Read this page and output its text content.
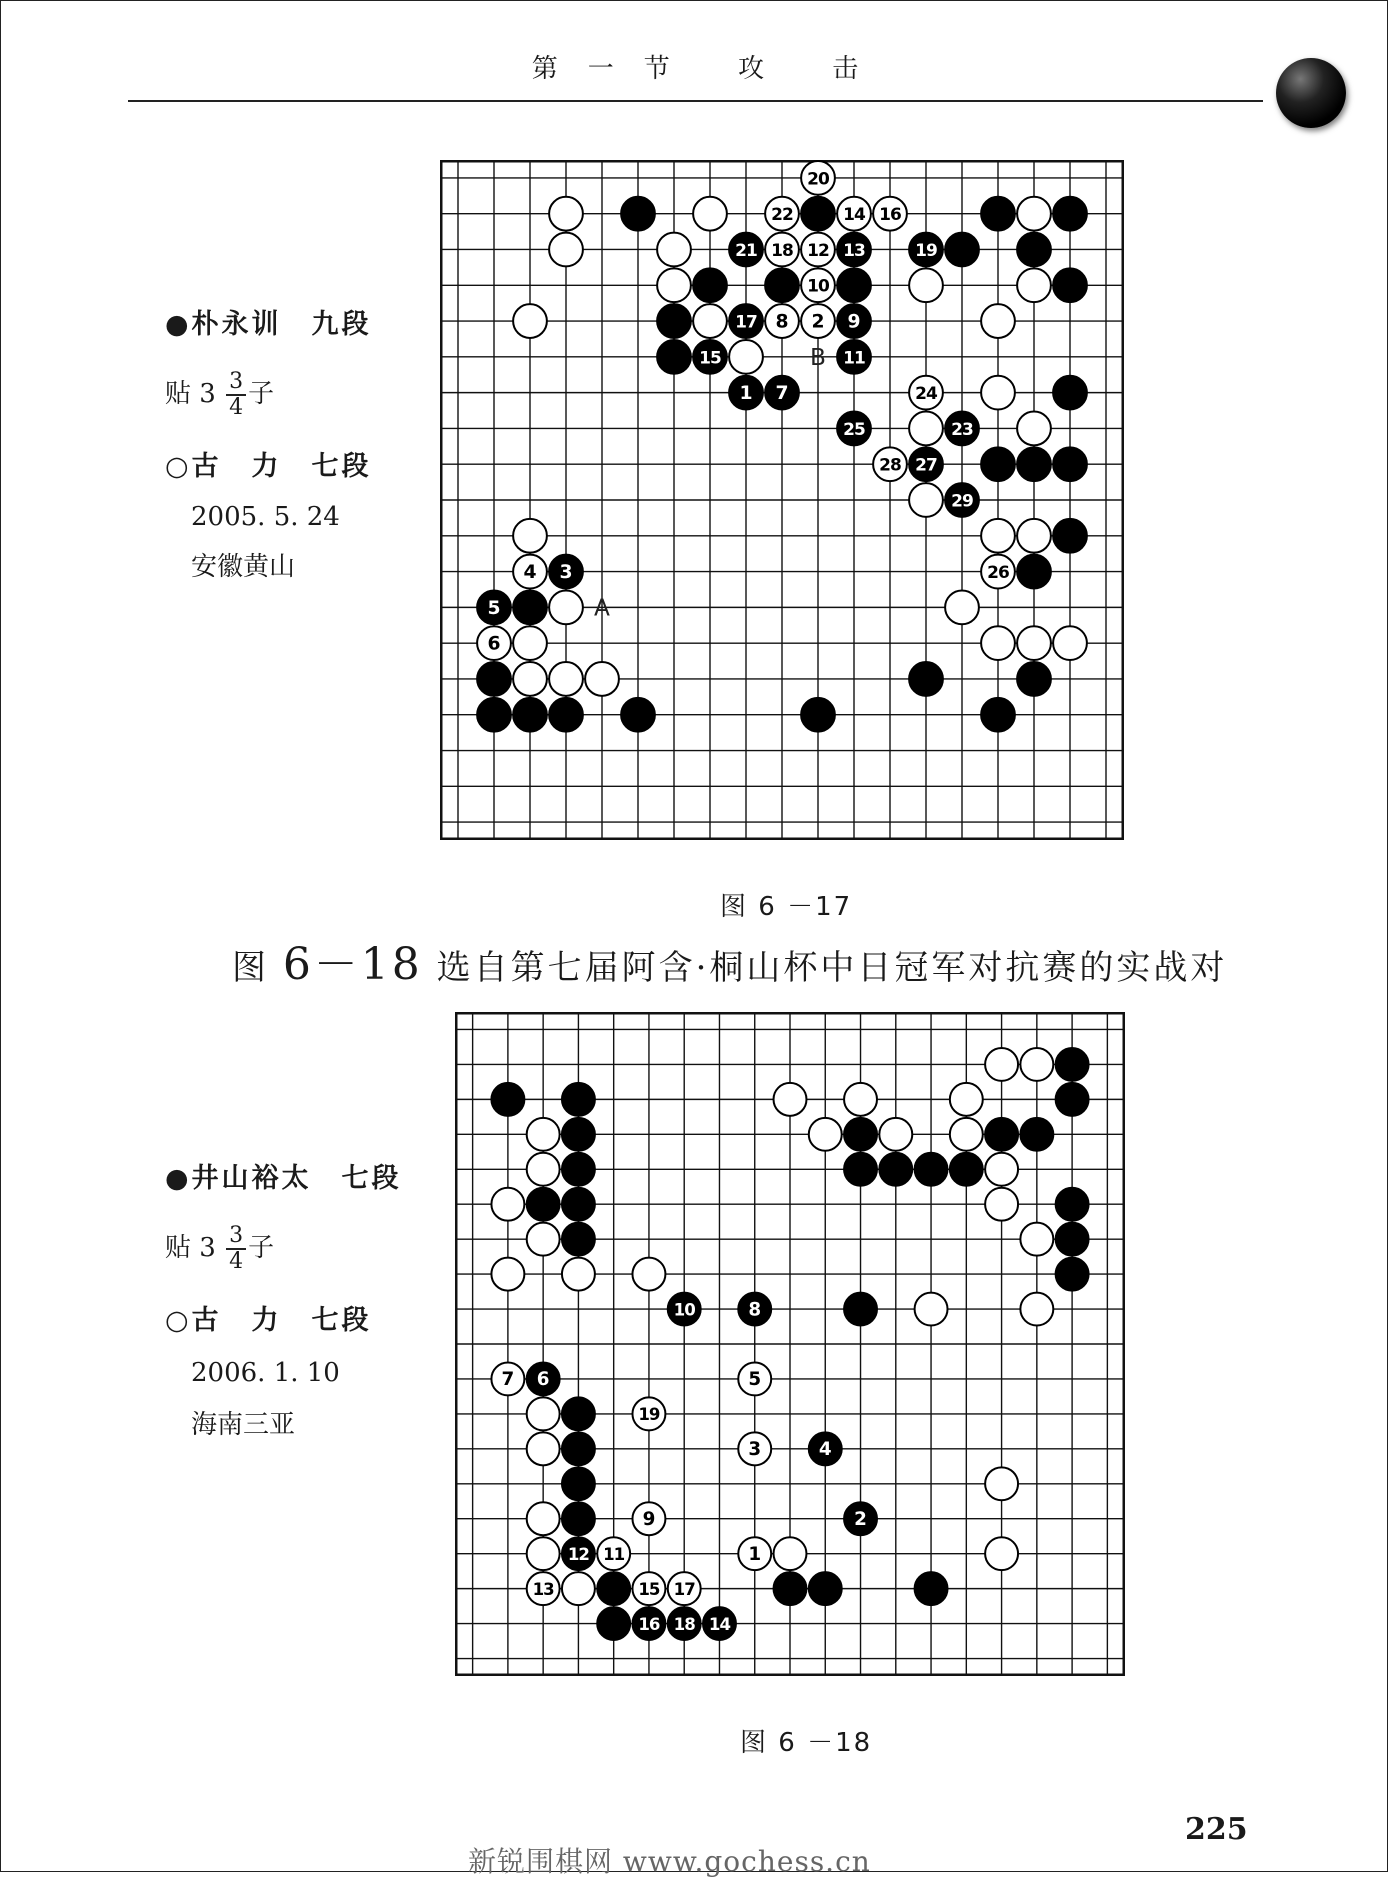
第一节 攻 击
●朴永训　九段
贴 $3 \frac{3}{4}$ 子
○古　力　七段
2005. 5. 24
安徽黄山
22	14 16
20
21 18 12 13	19
10
17 8 2 9
15	11
1 7	24
25	23
28 27
29
4 3	26
5
6
A
B
图 6 －17
图 6－18 选自第七届阿含·桐山杯中日冠军对抗赛的实战对
●井山裕太　七段
贴 $3 \frac{3}{4}$ 子
○古　力　七段
2006. 1. 10
海南三亚
10	8
7 6	5
19
3	4
9	2
12 11	1
13	15 17
16 18 14
图 6 －18
225
新锐围棋网 www.gochess.cn
